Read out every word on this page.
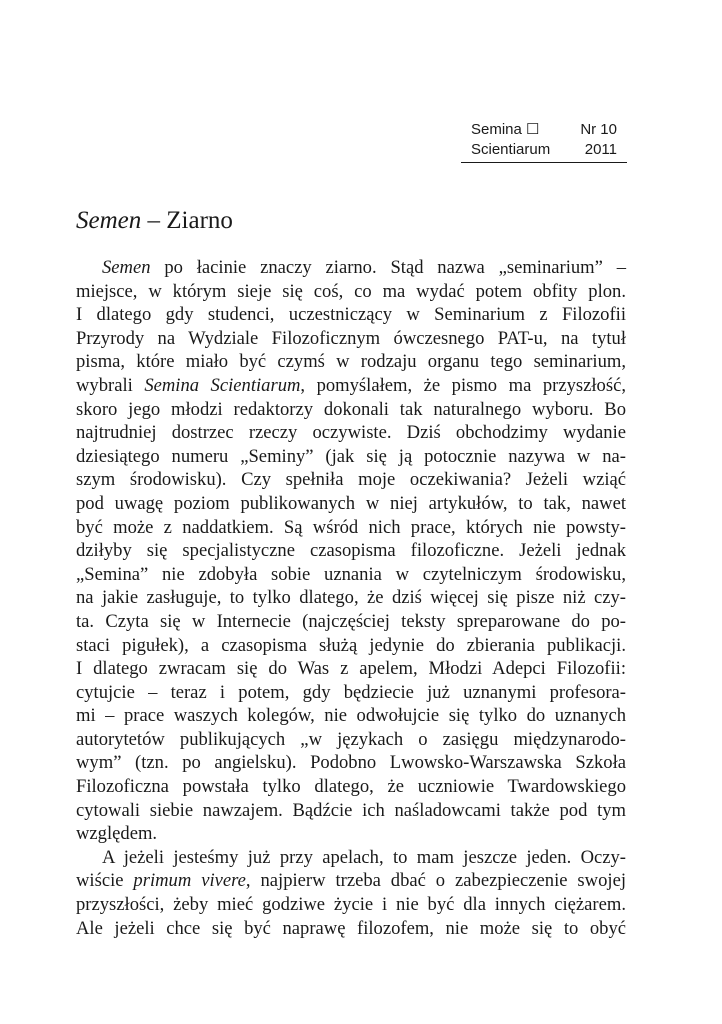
Semina ☐	Nr 10
Scientiarum 2011
Semen – Ziarno
Semen po łacinie znaczy ziarno. Stąd nazwa „seminarium” –
miejsce, w którym sieje się coś, co ma wydać potem obfity plon.
I dlatego gdy studenci, uczestniczący w Seminarium z Filozofii
Przyrody na Wydziale Filozoficznym ówczesnego PAT-u, na tytuł
pisma, które miało być czymś w rodzaju organu tego seminarium,
wybrali Semina Scientiarum, pomyślałem, że pismo ma przyszłość,
skoro jego młodzi redaktorzy dokonali tak naturalnego wyboru. Bo
najtrudniej dostrzec rzeczy oczywiste. Dziś obchodzimy wydanie
dziesiątego numeru „Seminy” (jak się ją potocznie nazywa w na-
szym środowisku). Czy spełniła moje oczekiwania? Jeżeli wziąć
pod uwagę poziom publikowanych w niej artykułów, to tak, nawet
być może z naddatkiem. Są wśród nich prace, których nie powsty-
dziłyby się specjalistyczne czasopisma filozoficzne. Jeżeli jednak
„Semina” nie zdobyła sobie uznania w czytelniczym środowisku,
na jakie zasługuje, to tylko dlatego, że dziś więcej się pisze niż czy-
ta. Czyta się w Internecie (najczęściej teksty spreparowane do po-
staci pigułek), a czasopisma służą jedynie do zbierania publikacji.
I dlatego zwracam się do Was z apelem, Młodzi Adepci Filozofii:
cytujcie – teraz i potem, gdy będziecie już uznanymi profesora-
mi – prace waszych kolegów, nie odwołujcie się tylko do uznanych
autorytetów publikujących „w językach o zasięgu międzynarodo-
wym” (tzn. po angielsku). Podobno Lwowsko-Warszawska Szkoła
Filozoficzna powstała tylko dlatego, że uczniowie Twardowskiego
cytowali siebie nawzajem. Bądźcie ich naśladowcami także pod tym
względem.
A jeżeli jesteśmy już przy apelach, to mam jeszcze jeden. Oczy-
wiście primum vivere, najpierw trzeba dbać o zabezpieczenie swojej
przyszłości, żeby mieć godziwe życie i nie być dla innych ciężarem.
Ale jeżeli chce się być naprawę filozofem, nie może się to obyć
